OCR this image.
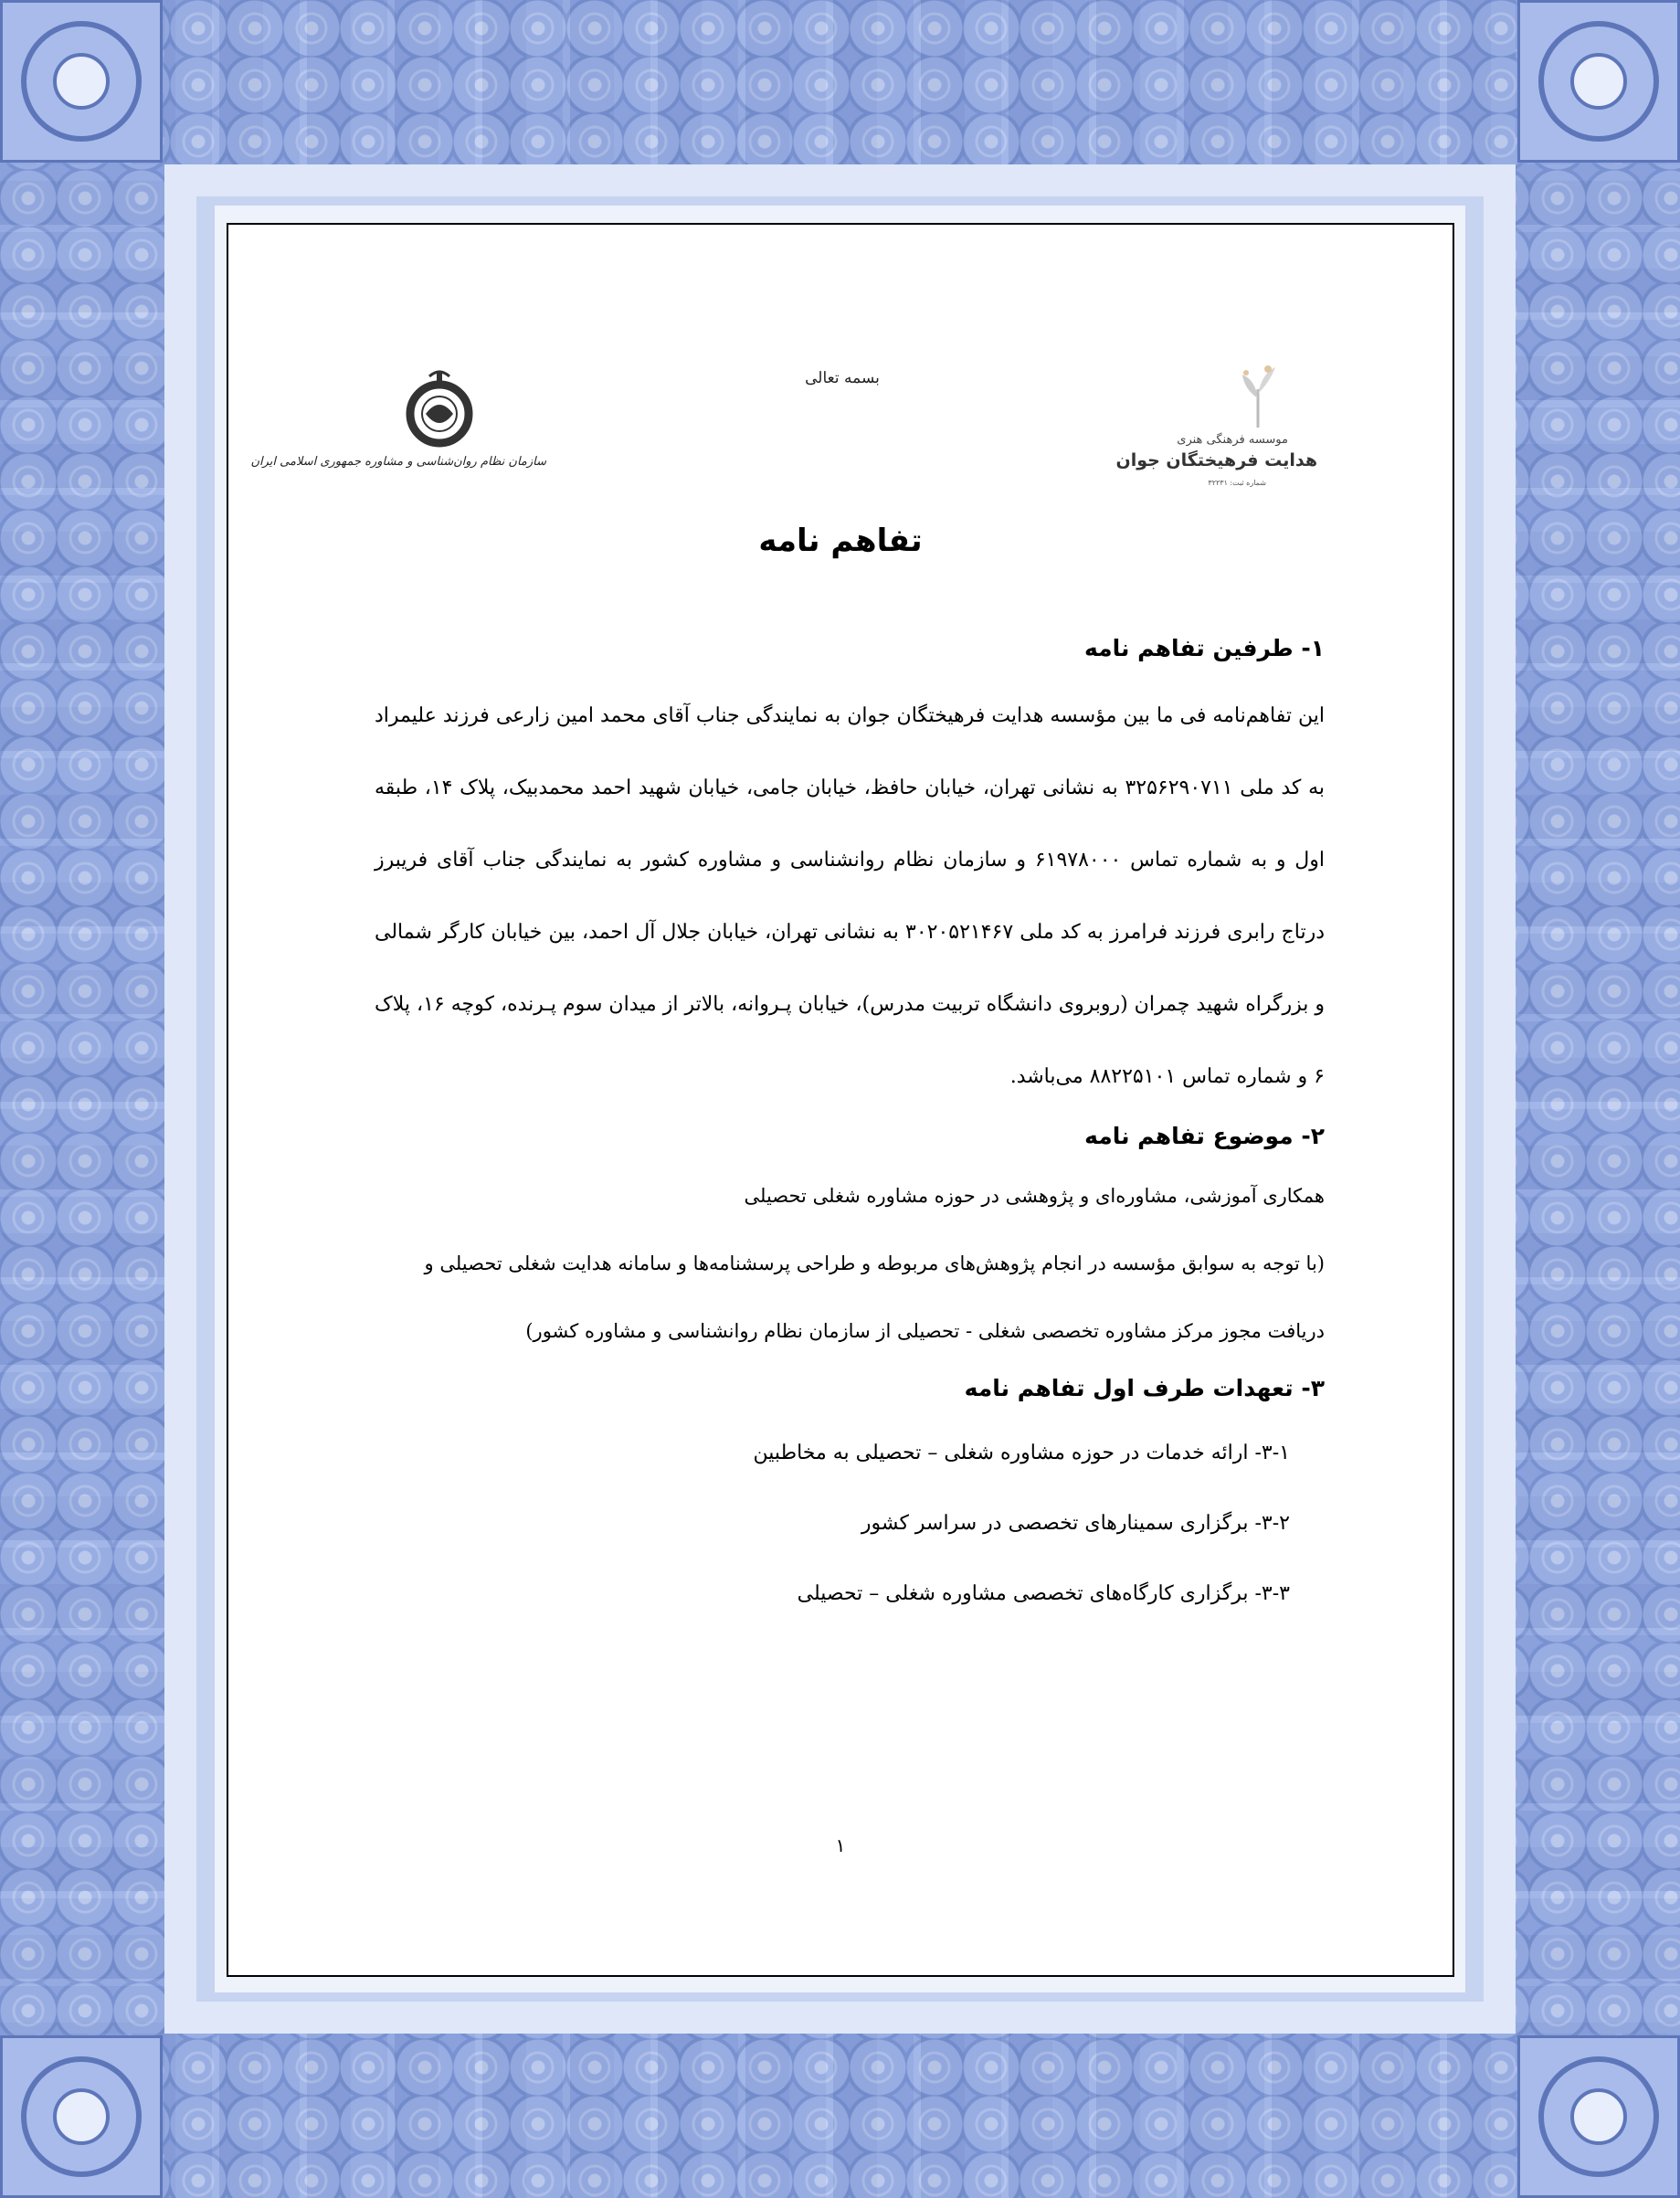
بسمه تعالی
سازمان نظام روان‌شناسی و مشاوره جمهوری اسلامی ایران
موسسه فرهنگی هنری
هدایت فرهیختگان جوان
شماره ثبت: ۳۲۲۳۱
تفاهم نامه
۱- طرفین تفاهم نامه

این تفاهم‌نامه فی ما بین مؤسسه هدایت فرهیختگان جوان به نمایندگی جناب آقای محمد امین زارعی فرزند علیمراد به کد ملی ۳۲۵۶۲۹۰۷۱۱ به نشانی تهران، خیابان حافظ، خیابان جامی، خیابان شهید احمد محمدبیک، پلاک ۱۴، طبقه اول و به شماره تماس ۶۱۹۷۸۰۰۰ و سازمان نظام روانشناسی و مشاوره کشور به نمایندگی جناب آقای فریبرز درتاج رابری فرزند فرامرز به کد ملی ۳۰۲۰۵۲۱۴۶۷ به نشانی تهران، خیابان جلال آل احمد، بین خیابان کارگر شمالی و بزرگراه شهید چمران (روبروی دانشگاه تربیت مدرس)، خیابان پـروانه، بالاتر از میدان سوم پـرنده، کوچه ۱۶، پلاک ۶ و شماره تماس ۸۸۲۲۵۱۰۱ می‌باشد.

۲- موضوع تفاهم نامه

همکاری آموزشی، مشاوره‌ای و پژوهشی در حوزه مشاوره شغلی تحصیلی

(با توجه به سوابق مؤسسه در انجام پژوهش‌های مربوطه و طراحی پرسشنامه‌ها و سامانه هدایت شغلی تحصیلی و دریافت مجوز مرکز مشاوره تخصصی شغلی - تحصیلی از سازمان نظام روانشناسی و مشاوره کشور)

۳- تعهدات طرف اول تفاهم نامه

۳-۱- ارائه خدمات در حوزه مشاوره شغلی – تحصیلی به مخاطبین

۳-۲- برگزاری سمینارهای تخصصی در سراسر کشور

۳-۳- برگزاری کارگاه‌های تخصصی مشاوره شغلی – تحصیلی

۱
